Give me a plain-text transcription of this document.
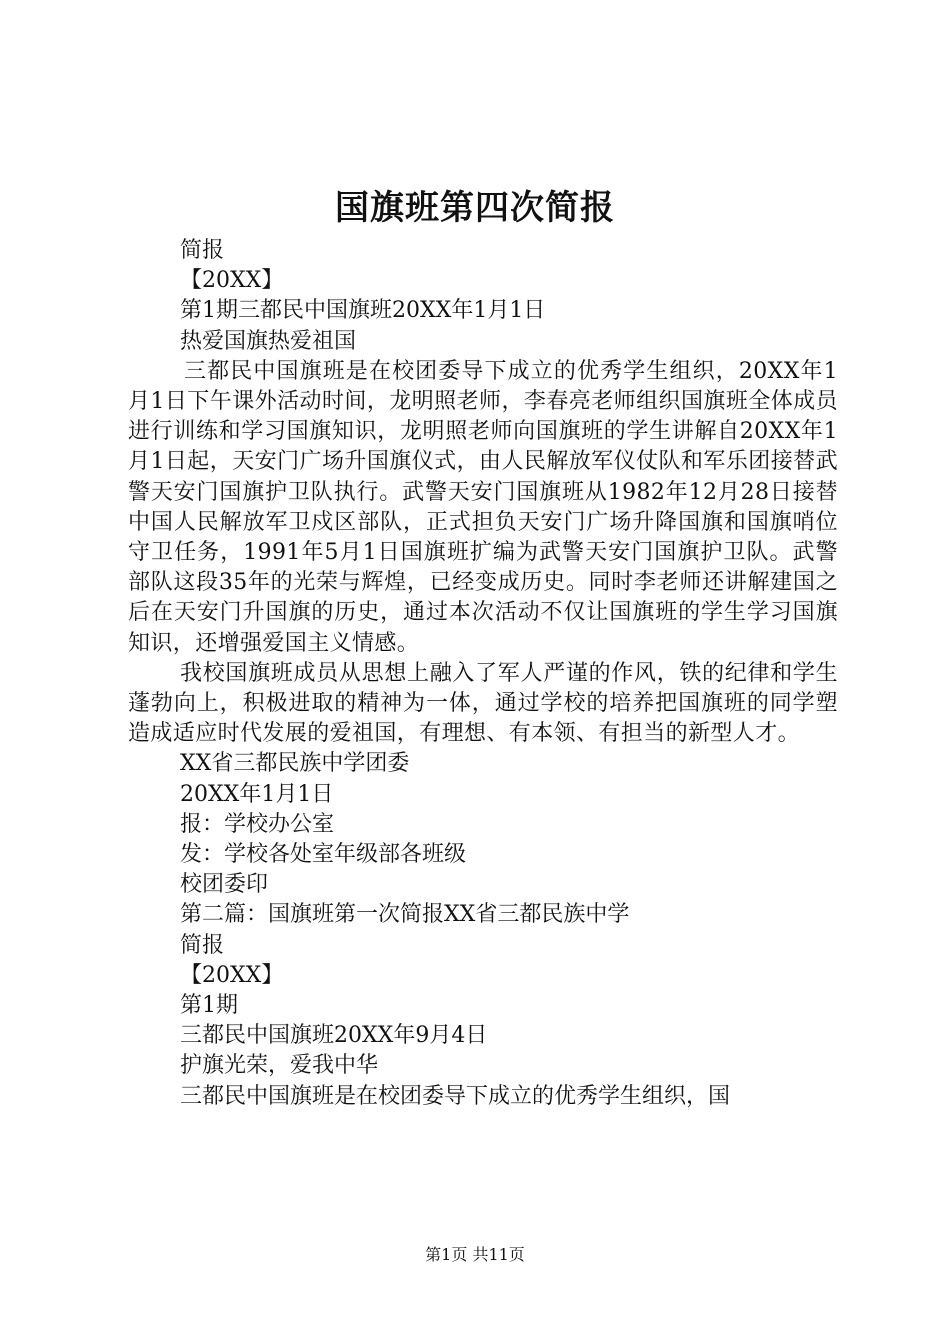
国旗班第四次简报
简报
【20XX】
第1期三都民中国旗班20XX年1月1日
热爱国旗热爱祖国
三都民中国旗班是在校团委导下成立的优秀学生组织，20XX年1月1日下午课外活动时间，龙明照老师，李春亮老师组织国旗班全体成员进行训练和学习国旗知识，龙明照老师向国旗班的学生讲解自20XX年1月1日起，天安门广场升国旗仪式，由人民解放军仪仗队和军乐团接替武警天安门国旗护卫队执行。武警天安门国旗班从1982年12月28日接替中国人民解放军卫戍区部队，正式担负天安门广场升降国旗和国旗哨位守卫任务，1991年5月1日国旗班扩编为武警天安门国旗护卫队。武警部队这段35年的光荣与辉煌，已经变成历史。同时李老师还讲解建国之后在天安门升国旗的历史，通过本次活动不仅让国旗班的学生学习国旗知识，还增强爱国主义情感。
我校国旗班成员从思想上融入了军人严谨的作风，铁的纪律和学生蓬勃向上，积极进取的精神为一体，通过学校的培养把国旗班的同学塑造成适应时代发展的爱祖国，有理想、有本领、有担当的新型人才。
XX省三都民族中学团委
20XX年1月1日
报：学校办公室
发：学校各处室年级部各班级
校团委印
第二篇：国旗班第一次简报XX省三都民族中学
简报
【20XX】
第1期
三都民中国旗班20XX年9月4日
护旗光荣，爱我中华
三都民中国旗班是在校团委导下成立的优秀学生组织，国
第1页 共11页
